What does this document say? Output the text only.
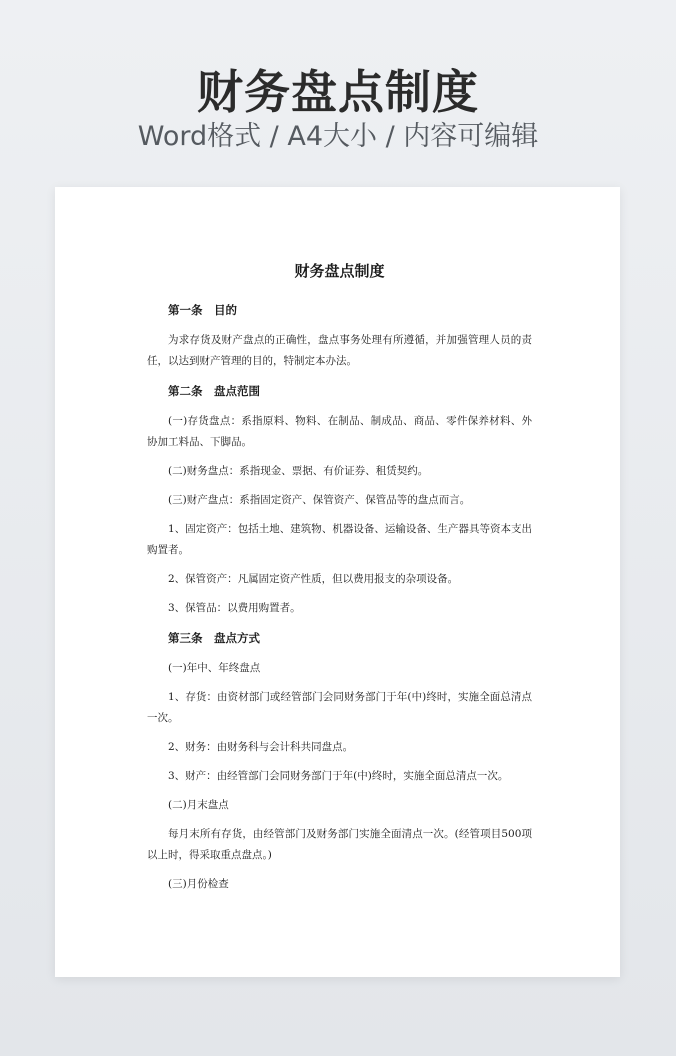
财务盘点制度
Word格式 / A4大小 / 内容可编辑
财务盘点制度
第一条　目的

为求存货及财产盘点的正确性，盘点事务处理有所遵循，并加强管理人员的责任，以达到财产管理的目的，特制定本办法。

第二条　盘点范围

(一)存货盘点：系指原料、物料、在制品、制成品、商品、零件保养材料、外协加工料品、下脚品。

(二)财务盘点：系指现金、票据、有价证券、租赁契约。

(三)财产盘点：系指固定资产、保管资产、保管品等的盘点而言。

1、固定资产：包括土地、建筑物、机器设备、运输设备、生产器具等资本支出购置者。

2、保管资产：凡属固定资产性质，但以费用报支的杂项设备。

3、保管品：以费用购置者。

第三条　盘点方式

(一)年中、年终盘点

1、存货：由资材部门或经管部门会同财务部门于年(中)终时，实施全面总清点一次。

2、财务：由财务科与会计科共同盘点。

3、财产：由经管部门会同财务部门于年(中)终时，实施全面总清点一次。

(二)月末盘点

每月末所有存货，由经管部门及财务部门实施全面清点一次。(经管项目500项以上时，得采取重点盘点。)

(三)月份检查
